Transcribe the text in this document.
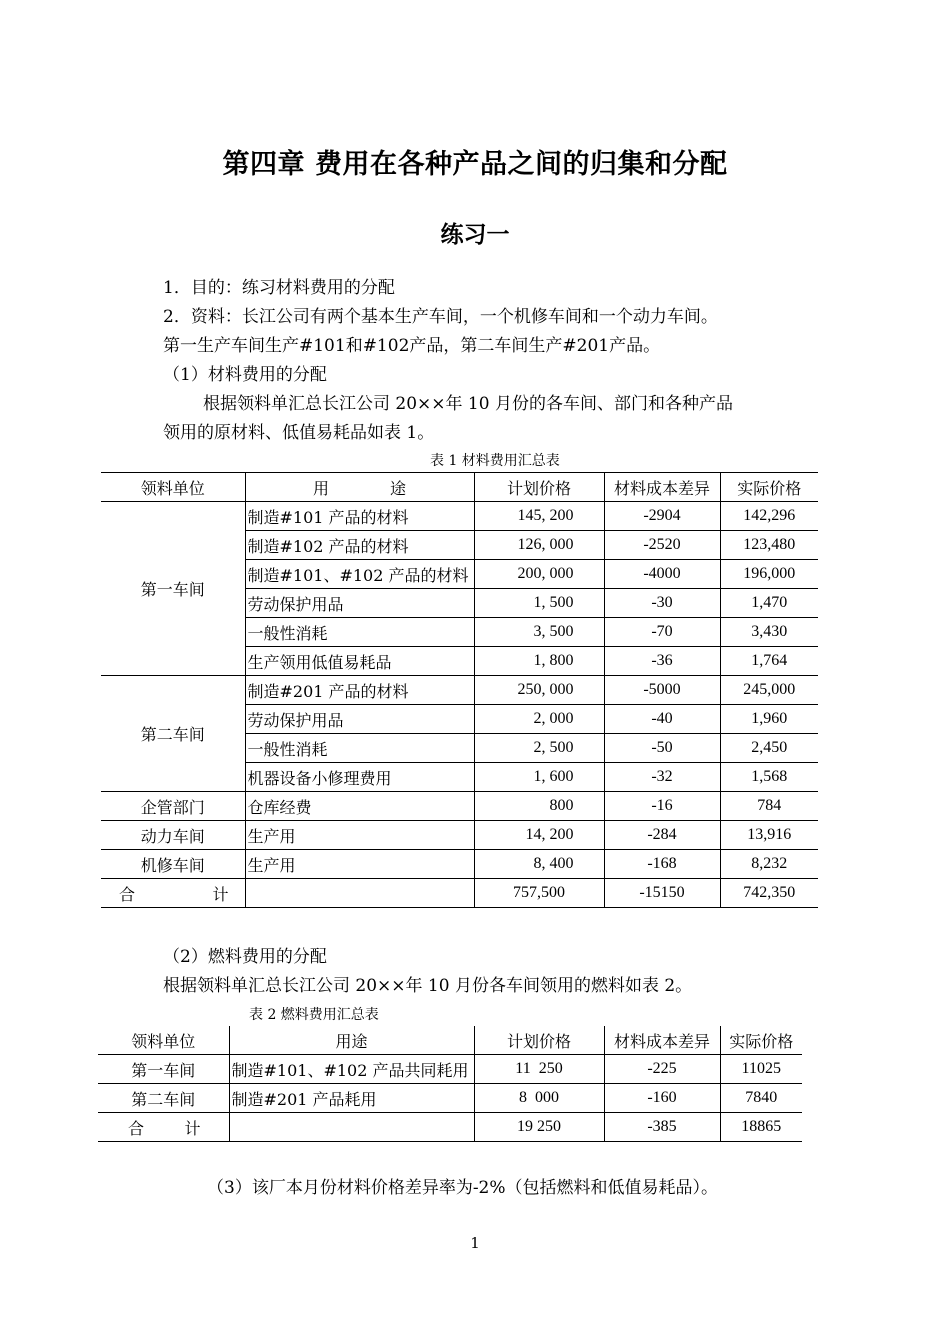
第四章 费用在各种产品之间的归集和分配
练习一
1．目的：练习材料费用的分配
2．资料：长江公司有两个基本生产车间，一个机修车间和一个动力车间。
第一生产车间生产#101和#102产品，第二车间生产#201产品。
（1）材料费用的分配
根据领料单汇总长江公司 20××年 10 月份的各车间、部门和各种产品
领用的原材料、低值易耗品如表 1。
表 1 材料费用汇总表
领料单位	用            途	计划价格	材料成本差异	实际价格
第一车间	制造#101 产品的材料	145, 200	-2904	142,296
	制造#102 产品的材料	126, 000	-2520	123,480
	制造#101、#102 产品的材料	200, 000	-4000	196,000
	劳动保护用品	1, 500	-30	1,470
	一般性消耗	3, 500	-70	3,430
	生产领用低值易耗品	1, 800	-36	1,764
第二车间	制造#201 产品的材料	250, 000	-5000	245,000
	劳动保护用品	2, 000	-40	1,960
	一般性消耗	2, 500	-50	2,450
	机器设备小修理费用	1, 600	-32	1,568
企管部门	仓库经费	800	-16	784
动力车间	生产用	14, 200	-284	13,916
机修车间	生产用	8, 400	-168	8,232
合计		757,500	-15150	742,350
（2）燃料费用的分配
根据领料单汇总长江公司 20××年 10 月份各车间领用的燃料如表 2。
表 2 燃料费用汇总表
领料单位	用途	计划价格	材料成本差异	实际价格
第一车间	制造#101、#102 产品共同耗用	11  250	-225	11025
第二车间	制造#201 产品耗用	8  000	-160	7840
合计		19 250	-385	18865
（3）该厂本月份材料价格差异率为-2%（包括燃料和低值易耗品）。
1
